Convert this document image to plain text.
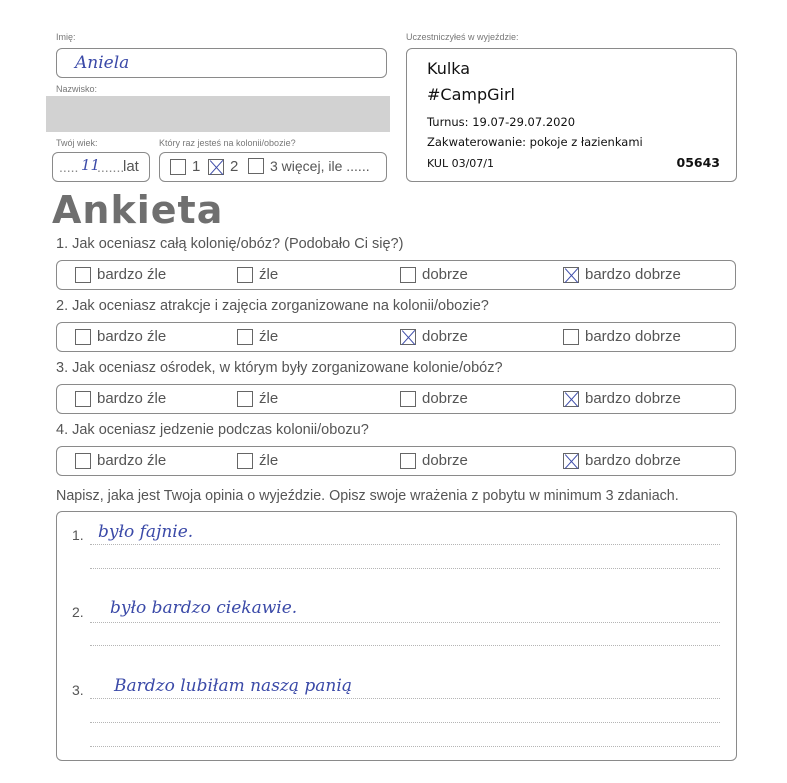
Imię:
Aniela
Nazwisko:
Twój wiek:
..... 11
.......
lat
Który raz jesteś na kolonii/obozie?
1 2 3 więcej, ile ......
Uczestniczyłeś w wyjeździe:
Kulka
#CampGirl
Turnus: 19.07-29.07.2020
Zakwaterowanie: pokoje z łazienkami
KUL 03/07/1	05643
Ankieta
1. Jak oceniasz całą kolonię/obóz? (Podobało Ci się?)
bardzo źle	źle	dobrze	bardzo dobrze
2. Jak oceniasz atrakcje i zajęcia zorganizowane na kolonii/obozie?
bardzo źle	źle	dobrze	bardzo dobrze
3. Jak oceniasz ośrodek, w którym były zorganizowane kolonie/obóz?
bardzo źle	źle	dobrze	bardzo dobrze
4. Jak oceniasz jedzenie podczas kolonii/obozu?
bardzo źle	źle	dobrze	bardzo dobrze
Napisz, jaka jest Twoja opinia o wyjeździe. Opisz swoje wrażenia z pobytu w minimum 3 zdaniach.
1. było fajnie.
2. było bardzo ciekawie.
3. Bardzo lubiłam naszą panią
